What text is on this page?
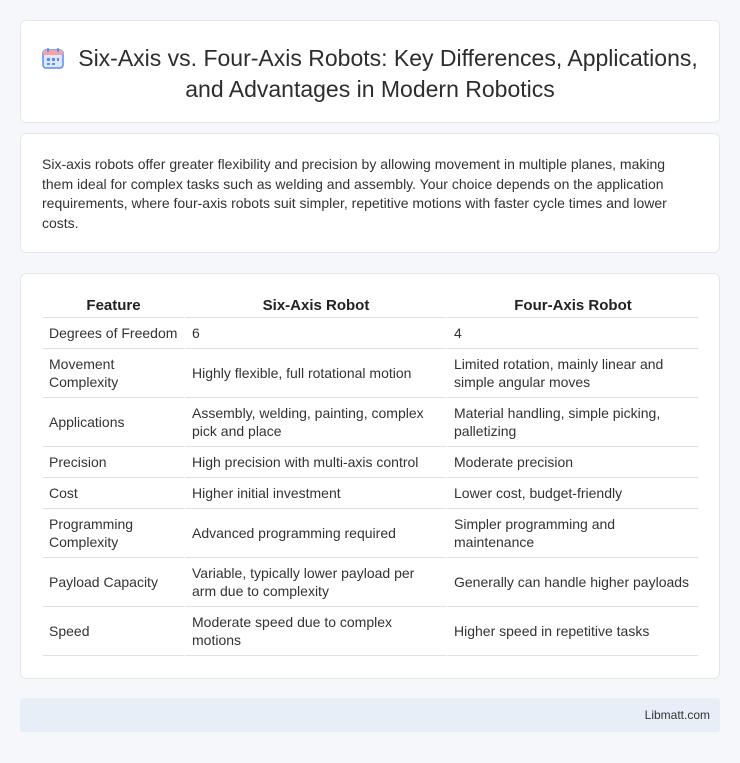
Six-Axis vs. Four-Axis Robots: Key Differences, Applications, and Advantages in Modern Robotics

Six-axis robots offer greater flexibility and precision by allowing movement in multiple planes, making them ideal for complex tasks such as welding and assembly. Your choice depends on the application requirements, where four-axis robots suit simpler, repetitive motions with faster cycle times and lower costs.

Feature	Six-Axis Robot	Four-Axis Robot
Degrees of Freedom	6	4
Movement Complexity	Highly flexible, full rotational motion	Limited rotation, mainly linear and simple angular moves
Applications	Assembly, welding, painting, complex pick and place	Material handling, simple picking, palletizing
Precision	High precision with multi-axis control	Moderate precision
Cost	Higher initial investment	Lower cost, budget-friendly
Programming Complexity	Advanced programming required	Simpler programming and maintenance
Payload Capacity	Variable, typically lower payload per arm due to complexity	Generally can handle higher payloads
Speed	Moderate speed due to complex motions	Higher speed in repetitive tasks
Libmatt.com
